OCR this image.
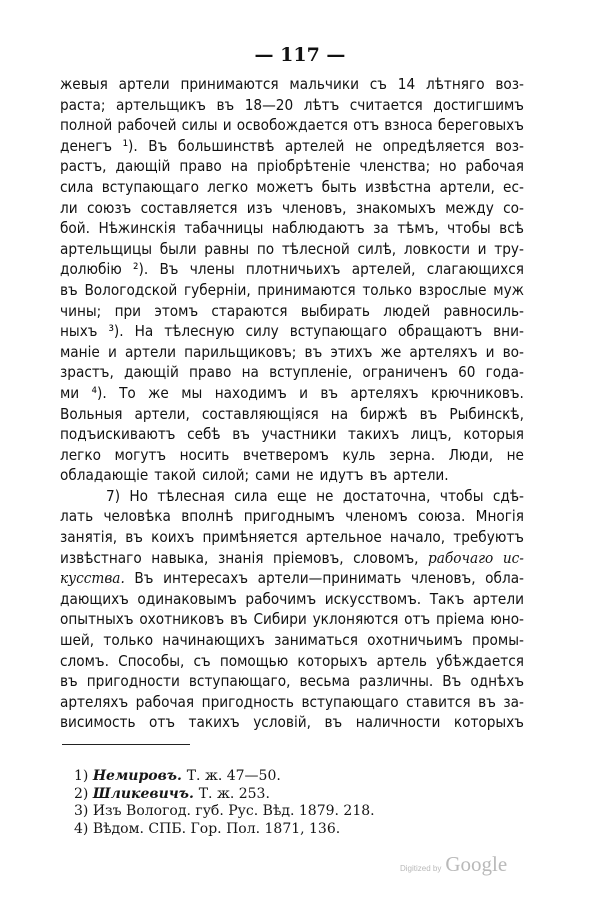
— 117 —
жевыя артели принимаются мальчики съ 14 лѣтняго воз-
раста; артельщикъ въ 18—20 лѣтъ считается достигшимъ
полной рабочей силы и освобождается отъ взноса береговыхъ
денегъ ¹). Въ большинствѣ артелей не опредѣляется воз-
растъ, дающій право на пріобрѣтеніе членства; но рабочая
сила вступающаго легко можетъ быть извѣстна артели, ес-
ли союзъ составляется изъ членовъ, знакомыхъ между со-
бой. Нѣжинскія табачницы наблюдаютъ за тѣмъ, чтобы всѣ
артельщицы были равны по тѣлесной силѣ, ловкости и тру-
долюбію ²). Въ члены плотничьихъ артелей, слагающихся
въ Вологодской губерніи, принимаются только взрослые муж
чины; при этомъ стараются выбирать людей равносиль-
ныхъ ³). На тѣлесную силу вступающаго обращаютъ вни-
маніе и артели парильщиковъ; въ этихъ же артеляхъ и во-
зрастъ, дающій право на вступленіе, ограниченъ 60 года-
ми ⁴). То же мы находимъ и въ артеляхъ крючниковъ.
Вольныя артели, составляющіяся на биржѣ въ Рыбинскѣ,
подъискиваютъ себѣ въ участники такихъ лицъ, которыя
легко могутъ носить вчетверомъ куль зерна. Люди, не
обладающіе такой силой; сами не идутъ въ артели.
7) Но тѣлесная сила еще не достаточна, чтобы сдѣ-
лать человѣка вполнѣ пригоднымъ членомъ союза. Многія
занятія, въ коихъ примѣняется артельное начало, требуютъ
извѣстнаго навыка, знанія пріемовъ, словомъ, рабочаго ис-
кусства. Въ интересахъ артели—принимать членовъ, обла-
дающихъ одинаковымъ рабочимъ искусствомъ. Такъ артели
опытныхъ охотниковъ въ Сибири уклоняются отъ пріема юно-
шей, только начинающихъ заниматься охотничьимъ промы-
сломъ. Способы, съ помощью которыхъ артель убѣждается
въ пригодности вступающаго, весьма различны. Въ однѣхъ
артеляхъ рабочая пригодность вступающаго ставится въ за-
висимость отъ такихъ условій, въ наличности которыхъ
1) Немировъ. Т. ж. 47—50.
2) Шликевичъ. Т. ж. 253.
3) Изъ Вологод. губ. Рус. Вѣд. 1879. 218.
4) Вѣдом. СПБ. Гор. Пол. 1871, 136.
Digitized by Google
